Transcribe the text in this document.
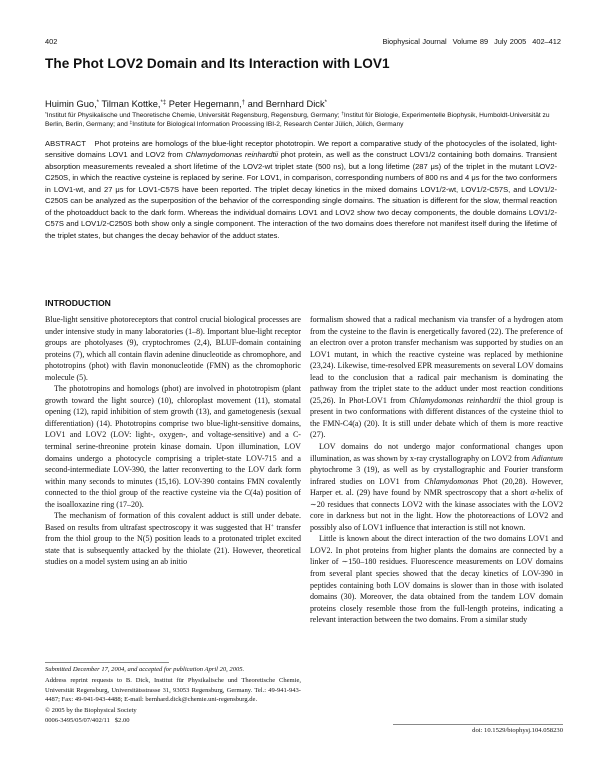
402	Biophysical Journal Volume 89 July 2005 402–412
The Phot LOV2 Domain and Its Interaction with LOV1
Huimin Guo,* Tilman Kottke,*‡ Peter Hegemann,† and Bernhard Dick*
*Institut für Physikalische und Theoretische Chemie, Universität Regensburg, Regensburg, Germany; †Institut für Biologie, Experimentelle Biophysik, Humboldt-Universität zu Berlin, Berlin, Germany; and ‡Institute for Biological Information Processing IBI-2, Research Center Jülich, Jülich, Germany
ABSTRACT Phot proteins are homologs of the blue-light receptor phototropin. We report a comparative study of the photocycles of the isolated, light-sensitive domains LOV1 and LOV2 from Chlamydomonas reinhardtii phot protein, as well as the construct LOV1/2 containing both domains. Transient absorption measurements revealed a short lifetime of the LOV2-wt triplet state (500 ns), but a long lifetime (287 μs) of the triplet in the mutant LOV2-C250S, in which the reactive cysteine is replaced by serine. For LOV1, in comparison, corresponding numbers of 800 ns and 4 μs for the two conformers in LOV1-wt, and 27 μs for LOV1-C57S have been reported. The triplet decay kinetics in the mixed domains LOV1/2-wt, LOV1/2-C57S, and LOV1/2-C250S can be analyzed as the superposition of the behavior of the corresponding single domains. The situation is different for the slow, thermal reaction of the photoadduct back to the dark form. Whereas the individual domains LOV1 and LOV2 show two decay components, the double domains LOV1/2-C57S and LOV1/2-C250S both show only a single component. The interaction of the two domains does therefore not manifest itself during the lifetime of the triplet states, but changes the decay behavior of the adduct states.
INTRODUCTION

Blue-light sensitive photoreceptors that control crucial biological processes are under intensive study in many laboratories (1–8). Important blue-light receptor groups are photolyases (9), cryptochromes (2,4), BLUF-domain containing proteins (7), which all contain flavin adenine dinucleotide as chromophore, and phototropins (phot) with flavin mononucleotide (FMN) as the chromophoric molecule (5).

The phototropins and homologs (phot) are involved in phototropism (plant growth toward the light source) (10), chloroplast movement (11), stomatal opening (12), rapid inhibition of stem growth (13), and gametogenesis (sexual differentiation) (14). Phototropins comprise two blue-light-sensitive domains, LOV1 and LOV2 (LOV: light-, oxygen-, and voltage-sensitive) and a C-terminal serine-threonine protein kinase domain. Upon illumination, LOV domains undergo a photocycle comprising a triplet-state LOV-715 and a second-intermediate LOV-390, the latter reconverting to the LOV dark form within many seconds to minutes (15,16). LOV-390 contains FMN covalently connected to the thiol group of the reactive cysteine via the C(4a) position of the isoalloxazine ring (17–20).

The mechanism of formation of this covalent adduct is still under debate. Based on results from ultrafast spectroscopy it was suggested that H+ transfer from the thiol group to the N(5) position leads to a protonated triplet excited state that is subsequently attacked by the thiolate (21). However, theoretical studies on a model system using an ab initio

formalism showed that a radical mechanism via transfer of a hydrogen atom from the cysteine to the flavin is energetically favored (22). The preference of an electron over a proton transfer mechanism was supported by studies on an LOV1 mutant, in which the reactive cysteine was replaced by methionine (23,24). Likewise, time-resolved EPR measurements on several LOV domains lead to the conclusion that a radical pair mechanism is dominating the pathway from the triplet state to the adduct under most reaction conditions (25,26). In Phot-LOV1 from Chlamydomonas reinhardtii the thiol group is present in two conformations with different distances of the cysteine thiol to the FMN-C4(a) (20). It is still under debate which of them is more reactive (27).

LOV domains do not undergo major conformational changes upon illumination, as was shown by x-ray crystallography on LOV2 from Adiantum phytochrome 3 (19), as well as by crystallographic and Fourier transform infrared studies on LOV1 from Chlamydomonas Phot (20,28). However, Harper et. al. (29) have found by NMR spectroscopy that a short α-helix of ∼20 residues that connects LOV2 with the kinase associates with the LOV2 core in darkness but not in the light. How the photoreactions of LOV2 and possibly also of LOV1 influence that interaction is still not known.

Little is known about the direct interaction of the two domains LOV1 and LOV2. In phot proteins from higher plants the domains are connected by a linker of ∼150–180 residues. Fluorescence measurements on LOV domains from several plant species showed that the decay kinetics of LOV-390 in peptides containing both LOV domains is slower than in those with isolated domains (30). Moreover, the data obtained from the tandem LOV domain proteins closely resemble those from the full-length proteins, indicating a relevant interaction between the two domains. From a similar study

Submitted December 17, 2004, and accepted for publication April 20, 2005.

Address reprint requests to B. Dick, Institut für Physikalische und Theoretische Chemie, Universität Regensburg, Universitätsstrasse 31, 93053 Regensburg, Germany. Tel.: 49-941-943-4487; Fax: 49-941-943-4488; E-mail: bernhard.dick@chemie.uni-regensburg.de.

© 2005 by the Biophysical Society

0006-3495/05/07/402/11   $2.00

doi: 10.1529/biophysj.104.058230
